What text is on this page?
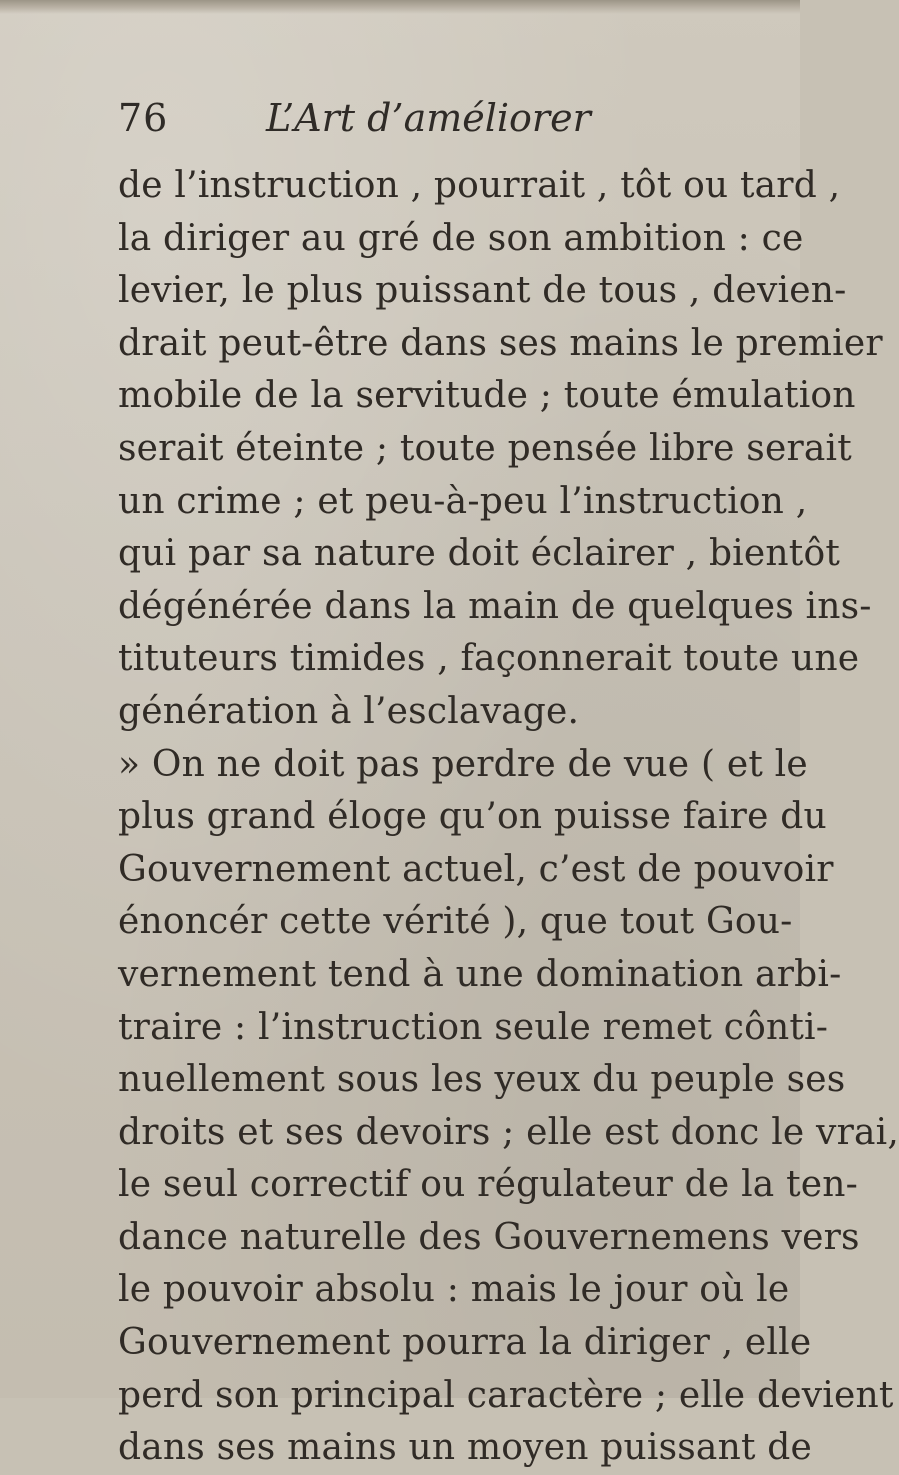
76	L’Art d’améliorer
de l’instruction , pourrait , tôt ou tard ,
la diriger au gré de son ambition : ce
levier, le plus puissant de tous , devien-
drait peut-être dans ses mains le premier
mobile de la servitude ; toute émulation
serait éteinte ; toute pensée libre serait
un crime ; et peu-à-peu l’instruction ,
qui par sa nature doit éclairer , bientôt
dégénérée dans la main de quelques ins-
tituteurs timides , façonnerait toute une
génération à l’esclavage.
» On ne doit pas perdre de vue ( et le
plus grand éloge qu’on puisse faire du
Gouvernement actuel, c’est de pouvoir
énoncér cette vérité ), que tout Gou-
vernement tend à une domination arbi-
traire : l’instruction seule remet cônti-
nuellement sous les yeux du peuple ses
droits et ses devoirs ; elle est donc le vrai,
le seul correctif ou régulateur de la ten-
dance naturelle des Gouvernemens vers
le pouvoir absolu : mais le jour où le
Gouvernement pourra la diriger , elle
perd son principal caractère ; elle devient
dans ses mains un moyen puissant de
